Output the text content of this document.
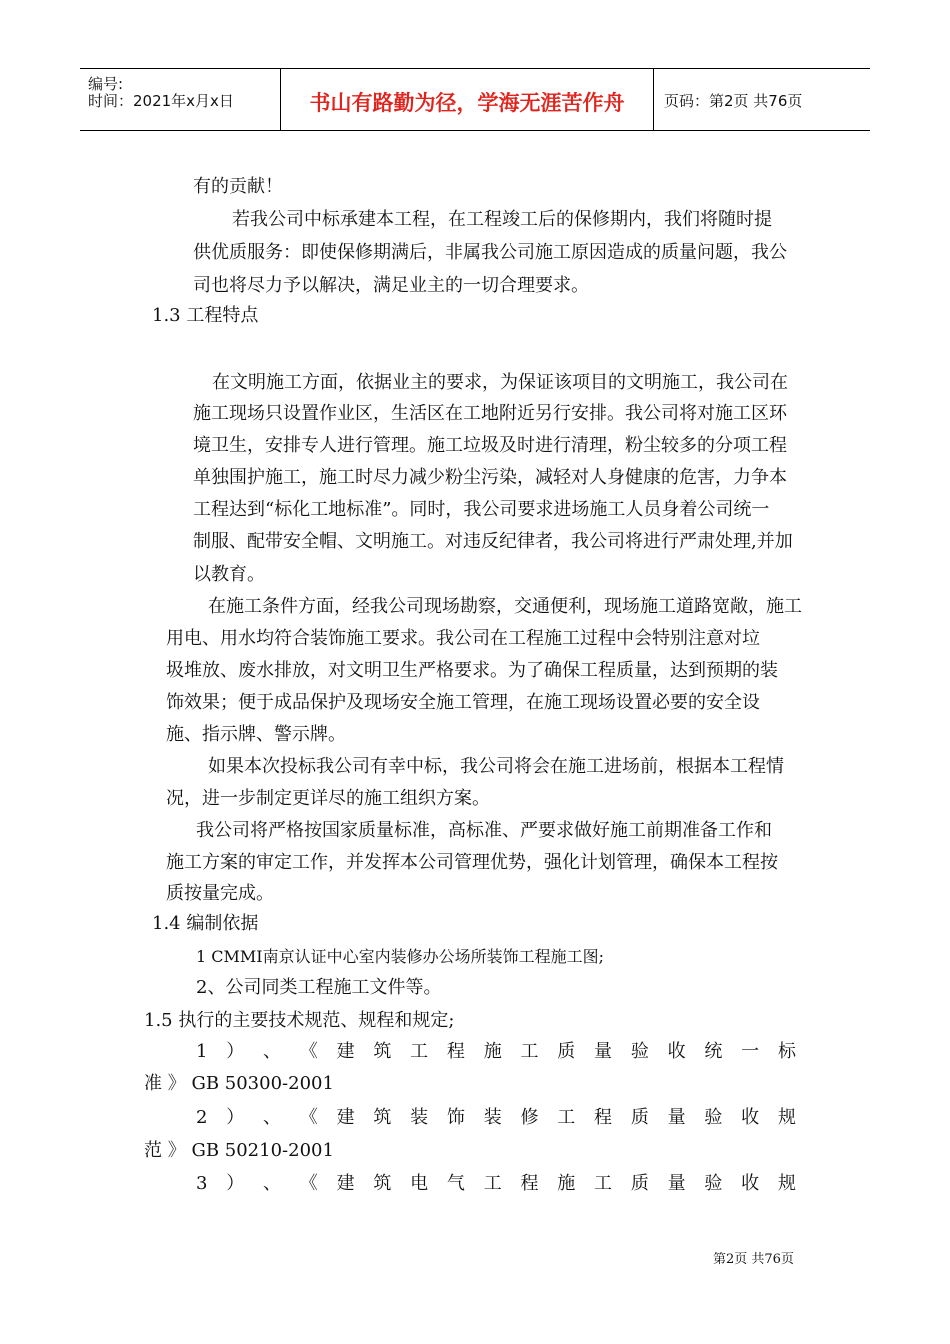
编号:
时间：2021年x月x日	书山有路勤为径，学海无涯苦作舟	页码：第2页 共76页
有的贡献！
若我公司中标承建本工程，在工程竣工后的保修期内，我们将随时提
供优质服务：即使保修期满后，非属我公司施工原因造成的质量问题，我公
司也将尽力予以解决，满足业主的一切合理要求。
1.3 工程特点
在文明施工方面，依据业主的要求，为保证该项目的文明施工，我公司在
施工现场只设置作业区，生活区在工地附近另行安排。我公司将对施工区环
境卫生，安排专人进行管理。施工垃圾及时进行清理，粉尘较多的分项工程
单独围护施工，施工时尽力减少粉尘污染，减轻对人身健康的危害，力争本
工程达到“标化工地标准”。同时，我公司要求进场施工人员身着公司统一
制服、配带安全帽、文明施工。对违反纪律者，我公司将进行严肃处理,并加
以教育。
在施工条件方面，经我公司现场勘察，交通便利，现场施工道路宽敞，施工
用电、用水均符合装饰施工要求。我公司在工程施工过程中会特别注意对垃
圾堆放、废水排放，对文明卫生严格要求。为了确保工程质量，达到预期的装
饰效果；便于成品保护及现场安全施工管理，在施工现场设置必要的安全设
施、指示牌、警示牌。
如果本次投标我公司有幸中标，我公司将会在施工进场前，根据本工程情
况，进一步制定更详尽的施工组织方案。
我公司将严格按国家质量标准，高标准、严要求做好施工前期准备工作和
施工方案的审定工作，并发挥本公司管理优势，强化计划管理，确保本工程按
质按量完成。
1.4 编制依据
1 CMMI南京认证中心室内装修办公场所装饰工程施工图;
2、公司同类工程施工文件等。
1.5 执行的主要技术规范、规程和规定;
1 ） 、 《 建 筑 工 程 施 工 质 量 验 收 统 一 标
准 》 GB 50300-2001
2 ） 、 《 建 筑 装 饰 装 修 工 程 质 量 验 收 规
范 》 GB 50210-2001
3 ） 、 《 建 筑 电 气 工 程 施 工 质 量 验 收 规
第2页 共76页
